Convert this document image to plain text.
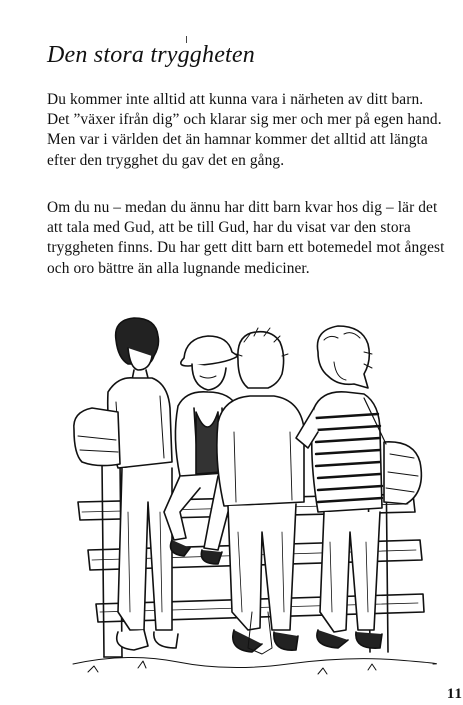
Den stora tryggheten

Du kommer inte alltid att kunna vara i närheten av ditt barn. Det ”växer ifrån dig” och klarar sig mer och mer på egen hand. Men var i världen det än hamnar kommer det alltid att längta efter den trygghet du gav det en gång.

Om du nu – medan du ännu har ditt barn kvar hos dig – lär det att tala med Gud, att be till Gud, har du visat var den stora tryggheten finns. Du har gett ditt barn ett botemedel mot ångest och oro bättre än alla lugnande mediciner.

11
